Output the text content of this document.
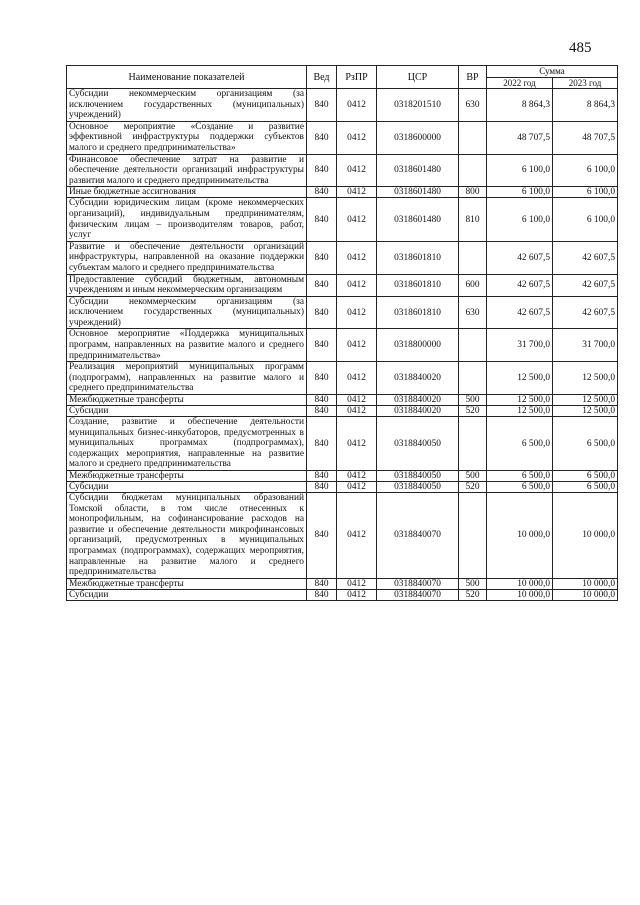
485
Наименование показателей	Вед	РзПР	ЦСР	ВР	Сумма	
					2022 год	2023 год
Субсидии некоммерческим организациям (за исключением государственных (муниципальных) учреждений)	840	0412	0318201510	630	8 864,3	8 864,3
Основное мероприятие «Создание и развитие эффективной инфраструктуры поддержки субъектов малого и среднего предпринимательства»	840	0412	0318600000		48 707,5	48 707,5
Финансовое обеспечение затрат на развитие и обеспечение деятельности организаций инфраструктуры развития малого и среднего предпринимательства	840	0412	0318601480		6 100,0	6 100,0
Иные бюджетные ассигнования	840	0412	0318601480	800	6 100,0	6 100,0
Субсидии юридическим лицам (кроме некоммерческих организаций), индивидуальным предпринимателям, физическим лицам – производителям товаров, работ, услуг	840	0412	0318601480	810	6 100,0	6 100,0
Развитие и обеспечение деятельности организаций инфраструктуры, направленной на оказание поддержки субъектам малого и среднего предпринимательства	840	0412	0318601810		42 607,5	42 607,5
Предоставление субсидий бюджетным, автономным учреждениям и иным некоммерческим организациям	840	0412	0318601810	600	42 607,5	42 607,5
Субсидии некоммерческим организациям (за исключением государственных (муниципальных) учреждений)	840	0412	0318601810	630	42 607,5	42 607,5
Основное мероприятие «Поддержка муниципальных программ, направленных на развитие малого и среднего предпринимательства»	840	0412	0318800000		31 700,0	31 700,0
Реализация мероприятий муниципальных программ (подпрограмм), направленных на развитие малого и среднего предпринимательства	840	0412	0318840020		12 500,0	12 500,0
Межбюджетные трансферты	840	0412	0318840020	500	12 500,0	12 500,0
Субсидии	840	0412	0318840020	520	12 500,0	12 500,0
Создание, развитие и обеспечение деятельности муниципальных бизнес-инкубаторов, предусмотренных в муниципальных программах (подпрограммах), содержащих мероприятия, направленные на развитие малого и среднего предпринимательства	840	0412	0318840050		6 500,0	6 500,0
Межбюджетные трансферты	840	0412	0318840050	500	6 500,0	6 500,0
Субсидии	840	0412	0318840050	520	6 500,0	6 500,0
Субсидии бюджетам муниципальных образований Томской области, в том числе отнесенных к монопрофильным, на софинансирование расходов на развитие и обеспечение деятельности микрофинансовых организаций, предусмотренных в муниципальных программах (подпрограммах), содержащих мероприятия, направленные на развитие малого и среднего предпринимательства	840	0412	0318840070		10 000,0	10 000,0
Межбюджетные трансферты	840	0412	0318840070	500	10 000,0	10 000,0
Субсидии	840	0412	0318840070	520	10 000,0	10 000,0
